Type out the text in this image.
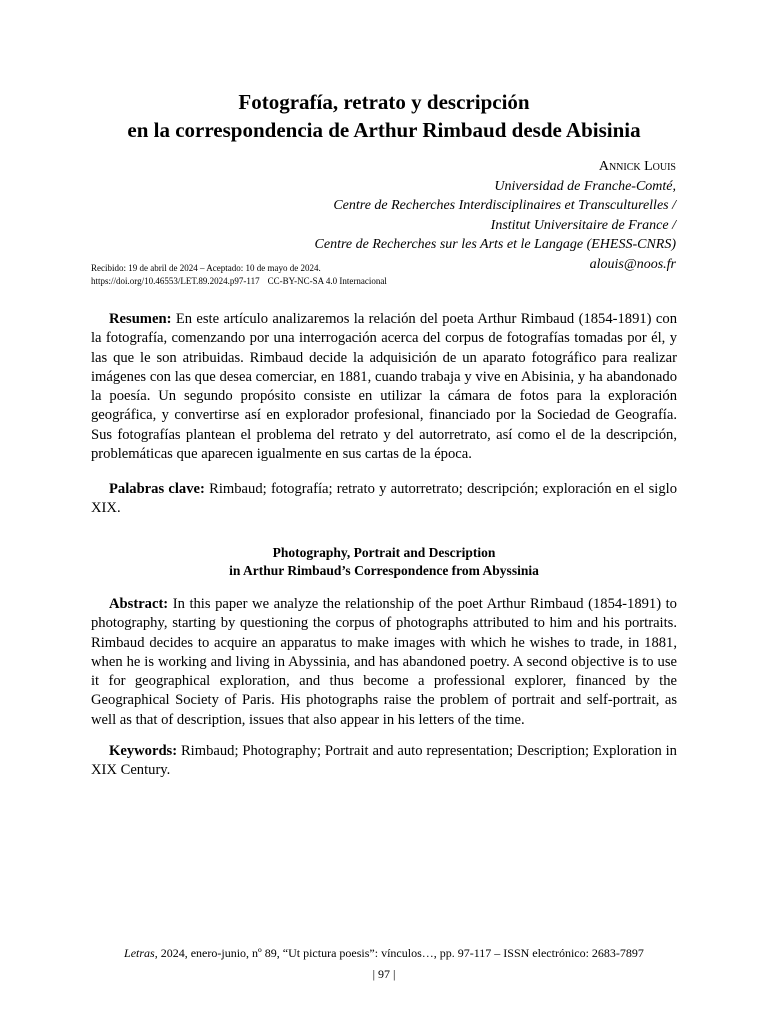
Fotografía, retrato y descripción
en la correspondencia de Arthur Rimbaud desde Abisinia
Annick Louis
Universidad de Franche-Comté,
Centre de Recherches Interdisciplinaires et Transculturelles /
Institut Universitaire de France /
Centre de Recherches sur les Arts et le Langage (EHESS-CNRS)
alouis@noos.fr
Recibido: 19 de abril de 2024 – Aceptado: 10 de mayo de 2024.
https://doi.org/10.46553/LET.89.2024.p97-117 CC-BY-NC-SA 4.0 Internacional

Resumen: En este artículo analizaremos la relación del poeta Arthur Rimbaud (1854-1891) con la fotografía, comenzando por una interrogación acerca del corpus de fotografías tomadas por él, y las que le son atribuidas. Rimbaud decide la adquisición de un aparato fotográfico para realizar imágenes con las que desea comerciar, en 1881, cuando trabaja y vive en Abisinia, y ha abandonado la poesía. Un segundo propósito consiste en utilizar la cámara de fotos para la exploración geográfica, y convertirse así en explorador profesional, financiado por la Sociedad de Geografía. Sus fotografías plantean el problema del retrato y del autorretrato, así como el de la descripción, problemáticas que aparecen igualmente en sus cartas de la época.

Palabras clave: Rimbaud; fotografía; retrato y autorretrato; descripción; exploración en el siglo XIX.

Photography, Portrait and Description
in Arthur Rimbaud’s Correspondence from Abyssinia

Abstract: In this paper we analyze the relationship of the poet Arthur Rimbaud (1854-1891) to photography, starting by questioning the corpus of photographs attributed to him and his portraits. Rimbaud decides to acquire an apparatus to make images with which he wishes to trade, in 1881, when he is working and living in Abyssinia, and has abandoned poetry. A second objective is to use it for geographical exploration, and thus become a professional explorer, financed by the Geographical Society of Paris. His photographs raise the problem of portrait and self-portrait, as well as that of description, issues that also appear in his letters of the time.

Keywords: Rimbaud; Photography; Portrait and auto representation; Description; Exploration in XIX Century.

Letras, 2024, enero-junio, nº 89, “Ut pictura poesis”: vínculos…, pp. 97-117 – ISSN electrónico: 2683-7897
| 97 |
